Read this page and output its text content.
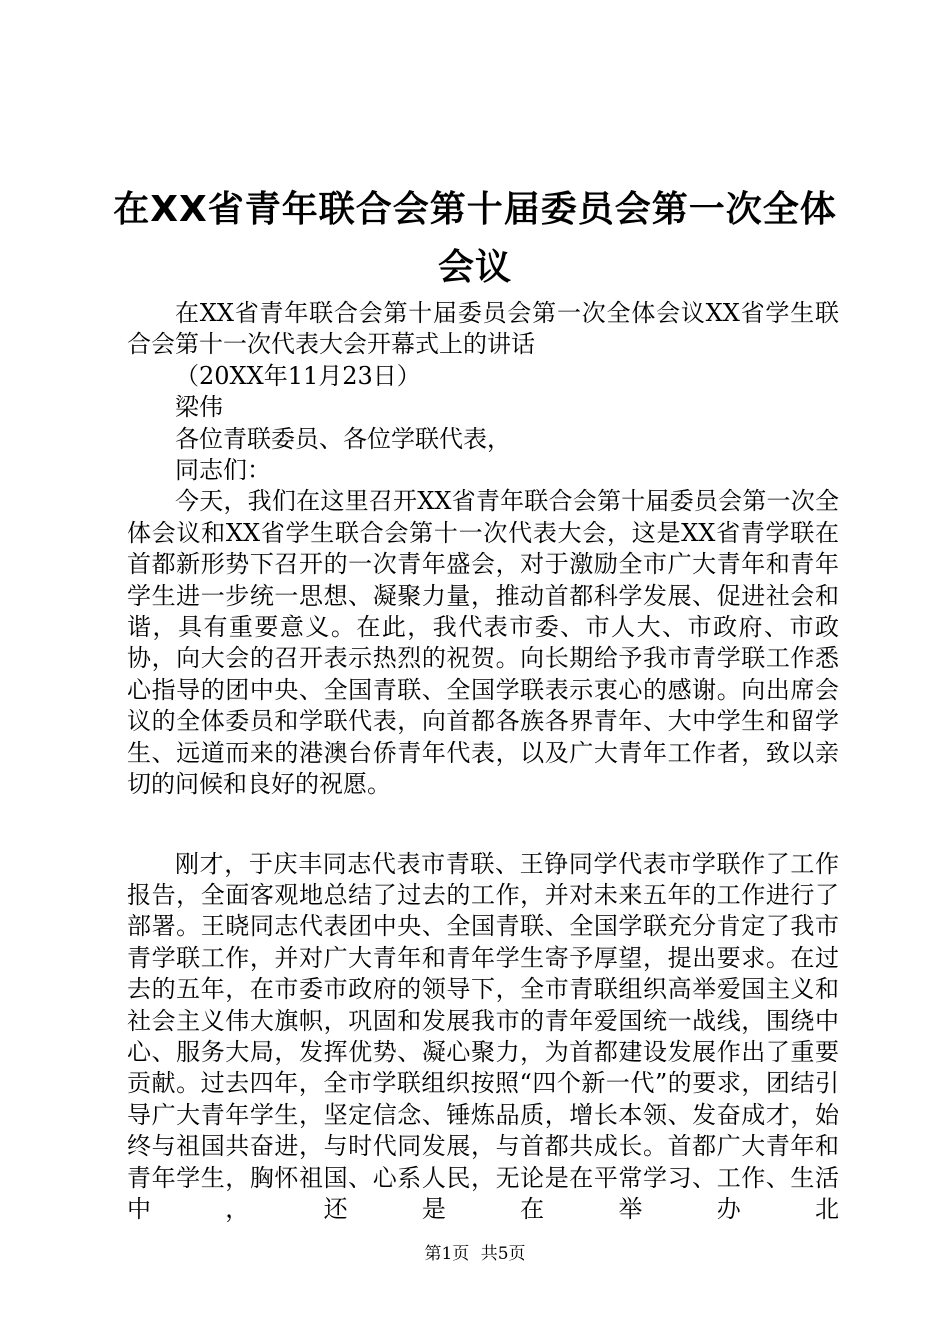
在XX省青年联合会第十届委员会第一次全体
会议

在XX省青年联合会第十届委员会第一次全体会议XX省学生联合会第十一次代表大会开幕式上的讲话

（20XX年11月23日）

梁伟

各位青联委员、各位学联代表，

同志们：

今天，我们在这里召开XX省青年联合会第十届委员会第一次全体会议和XX省学生联合会第十一次代表大会，这是XX省青学联在首都新形势下召开的一次青年盛会，对于激励全市广大青年和青年学生进一步统一思想、凝聚力量，推动首都科学发展、促进社会和谐，具有重要意义。在此，我代表市委、市人大、市政府、市政协，向大会的召开表示热烈的祝贺。向长期给予我市青学联工作悉心指导的团中央、全国青联、全国学联表示衷心的感谢。向出席会议的全体委员和学联代表，向首都各族各界青年、大中学生和留学生、远道而来的港澳台侨青年代表，以及广大青年工作者，致以亲切的问候和良好的祝愿。

刚才，于庆丰同志代表市青联、王铮同学代表市学联作了工作报告，全面客观地总结了过去的工作，并对未来五年的工作进行了部署。王晓同志代表团中央、全国青联、全国学联充分肯定了我市青学联工作，并对广大青年和青年学生寄予厚望，提出要求。在过去的五年，在市委市政府的领导下，全市青联组织高举爱国主义和社会主义伟大旗帜，巩固和发展我市的青年爱国统一战线，围绕中心、服务大局，发挥优势、凝心聚力，为首都建设发展作出了重要贡献。过去四年，全市学联组织按照“四个新一代”的要求，团结引导广大青年学生，坚定信念、锤炼品质，增长本领、发奋成才，始终与祖国共奋进，与时代同发展，与首都共成长。首都广大青年和青年学生，胸怀祖国、心系人民，无论是在平常学习、工作、生活中，还是在举办北

第1页 共5页
